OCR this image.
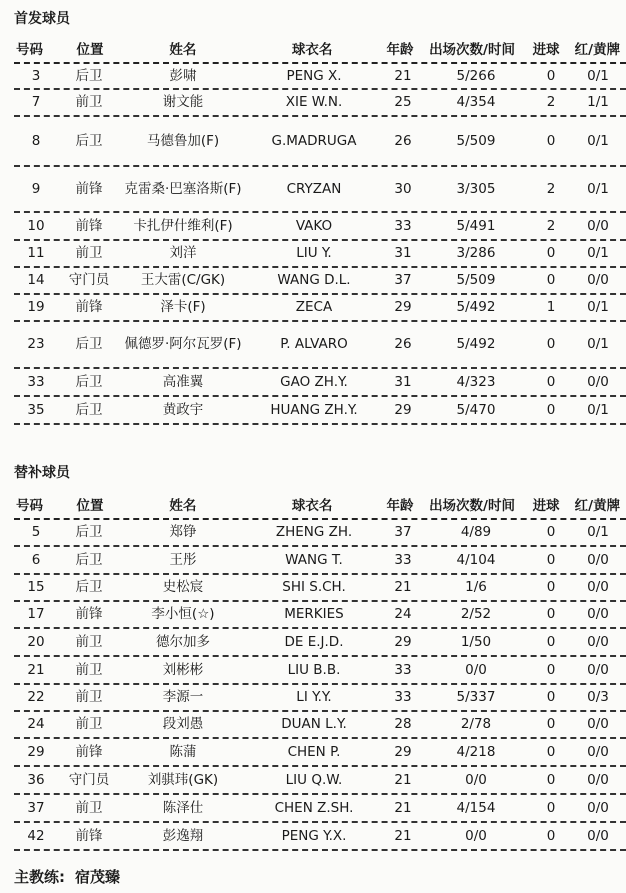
首发球员
号码	位置	姓名	球衣名	年龄	出场次数/时间	进球	红/黄牌
3	后卫	彭啸	PENG X.	21	5/266	0	0/1
7	前卫	谢文能	XIE W.N.	25	4/354	2	1/1
8	后卫	马德鲁加(F)	G.MADRUGA	26	5/509	0	0/1
9	前锋	克雷桑·巴塞洛斯(F)	CRYZAN	30	3/305	2	0/1
10	前锋	卡扎伊什维利(F)	VAKO	33	5/491	2	0/0
11	前卫	刘洋	LIU Y.	31	3/286	0	0/1
14	守门员	王大雷(C/GK)	WANG D.L.	37	5/509	0	0/0
19	前锋	泽卡(F)	ZECA	29	5/492	1	0/1
23	后卫	佩德罗·阿尔瓦罗(F)	P. ALVARO	26	5/492	0	0/1
33	后卫	高准翼	GAO ZH.Y.	31	4/323	0	0/0
35	后卫	黄政宇	HUANG ZH.Y.	29	5/470	0	0/1
替补球员
号码	位置	姓名	球衣名	年龄	出场次数/时间	进球	红/黄牌
5	后卫	郑铮	ZHENG ZH.	37	4/89	0	0/1
6	后卫	王彤	WANG T.	33	4/104	0	0/0
15	后卫	史松宸	SHI S.CH.	21	1/6	0	0/0
17	前锋	李小恒(☆)	MERKIES	24	2/52	0	0/0
20	前卫	德尔加多	DE E.J.D.	29	1/50	0	0/0
21	前卫	刘彬彬	LIU B.B.	33	0/0	0	0/0
22	前卫	李源一	LI Y.Y.	33	5/337	0	0/3
24	前卫	段刘愚	DUAN L.Y.	28	2/78	0	0/0
29	前锋	陈蒲	CHEN P.	29	4/218	0	0/0
36	守门员	刘骐玮(GK)	LIU Q.W.	21	0/0	0	0/0
37	前卫	陈泽仕	CHEN Z.SH.	21	4/154	0	0/0
42	前锋	彭逸翔	PENG Y.X.	21	0/0	0	0/0
主教练: 宿茂臻
